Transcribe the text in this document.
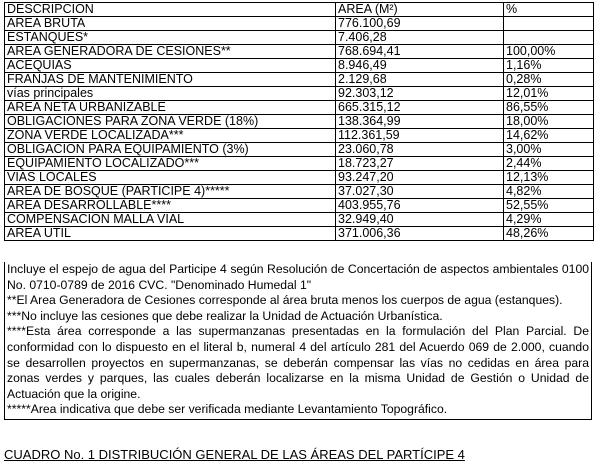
DESCRIPCION	AREA (M²)	%
AREA BRUTA	776.100,69	
ESTANQUES*	7.406,28	
AREA GENERADORA DE CESIONES**	768.694,41	100,00%
ACEQUIAS	8.946,49	1,16%
FRANJAS DE MANTENIMIENTO	2.129,68	0,28%
vías principales	92.303,12	12,01%
AREA NETA URBANIZABLE	665.315,12	86,55%
OBLIGACIONES PARA ZONA VERDE (18%)	138.364,99	18,00%
ZONA VERDE LOCALIZADA***	112.361,59	14,62%
OBLIGACION PARA EQUIPAMIENTO (3%)	23.060,78	3,00%
EQUIPAMIENTO LOCALIZADO***	18.723,27	2,44%
VIAS LOCALES	93.247,20	12,13%
AREA DE BOSQUE (PARTICIPE 4)*****	37.027,30	4,82%
AREA DESARROLLABLE****	403.955,76	52,55%
COMPENSACION MALLA VIAL	32.949,40	4,29%
AREA UTIL	371.006,36	48,26%

Incluye el espejo de agua del Participe 4 según Resolución de Concertación de aspectos ambientales 0100 No. 0710-0789 de 2016 CVC. "Denominado Humedal 1"

**El Area Generadora de Cesiones corresponde al área bruta menos los cuerpos de agua (estanques).

***No incluye las cesiones que debe realizar la Unidad de Actuación Urbanística.

****Esta área corresponde a las supermanzanas presentadas en la formulación del Plan Parcial. De conformidad con lo dispuesto en el literal b, numeral 4 del artículo 281 del Acuerdo 069 de 2.000, cuando se desarrollen proyectos en supermanzanas, se deberán compensar las vías no cedidas en área para zonas verdes y parques, las cuales deberán localizarse en la misma Unidad de Gestión o Unidad de Actuación que la origine.

*****Area indicativa que debe ser verificada mediante Levantamiento Topográfico.

CUADRO No. 1 DISTRIBUCIÓN GENERAL DE LAS ÁREAS DEL PARTÍCIPE 4
